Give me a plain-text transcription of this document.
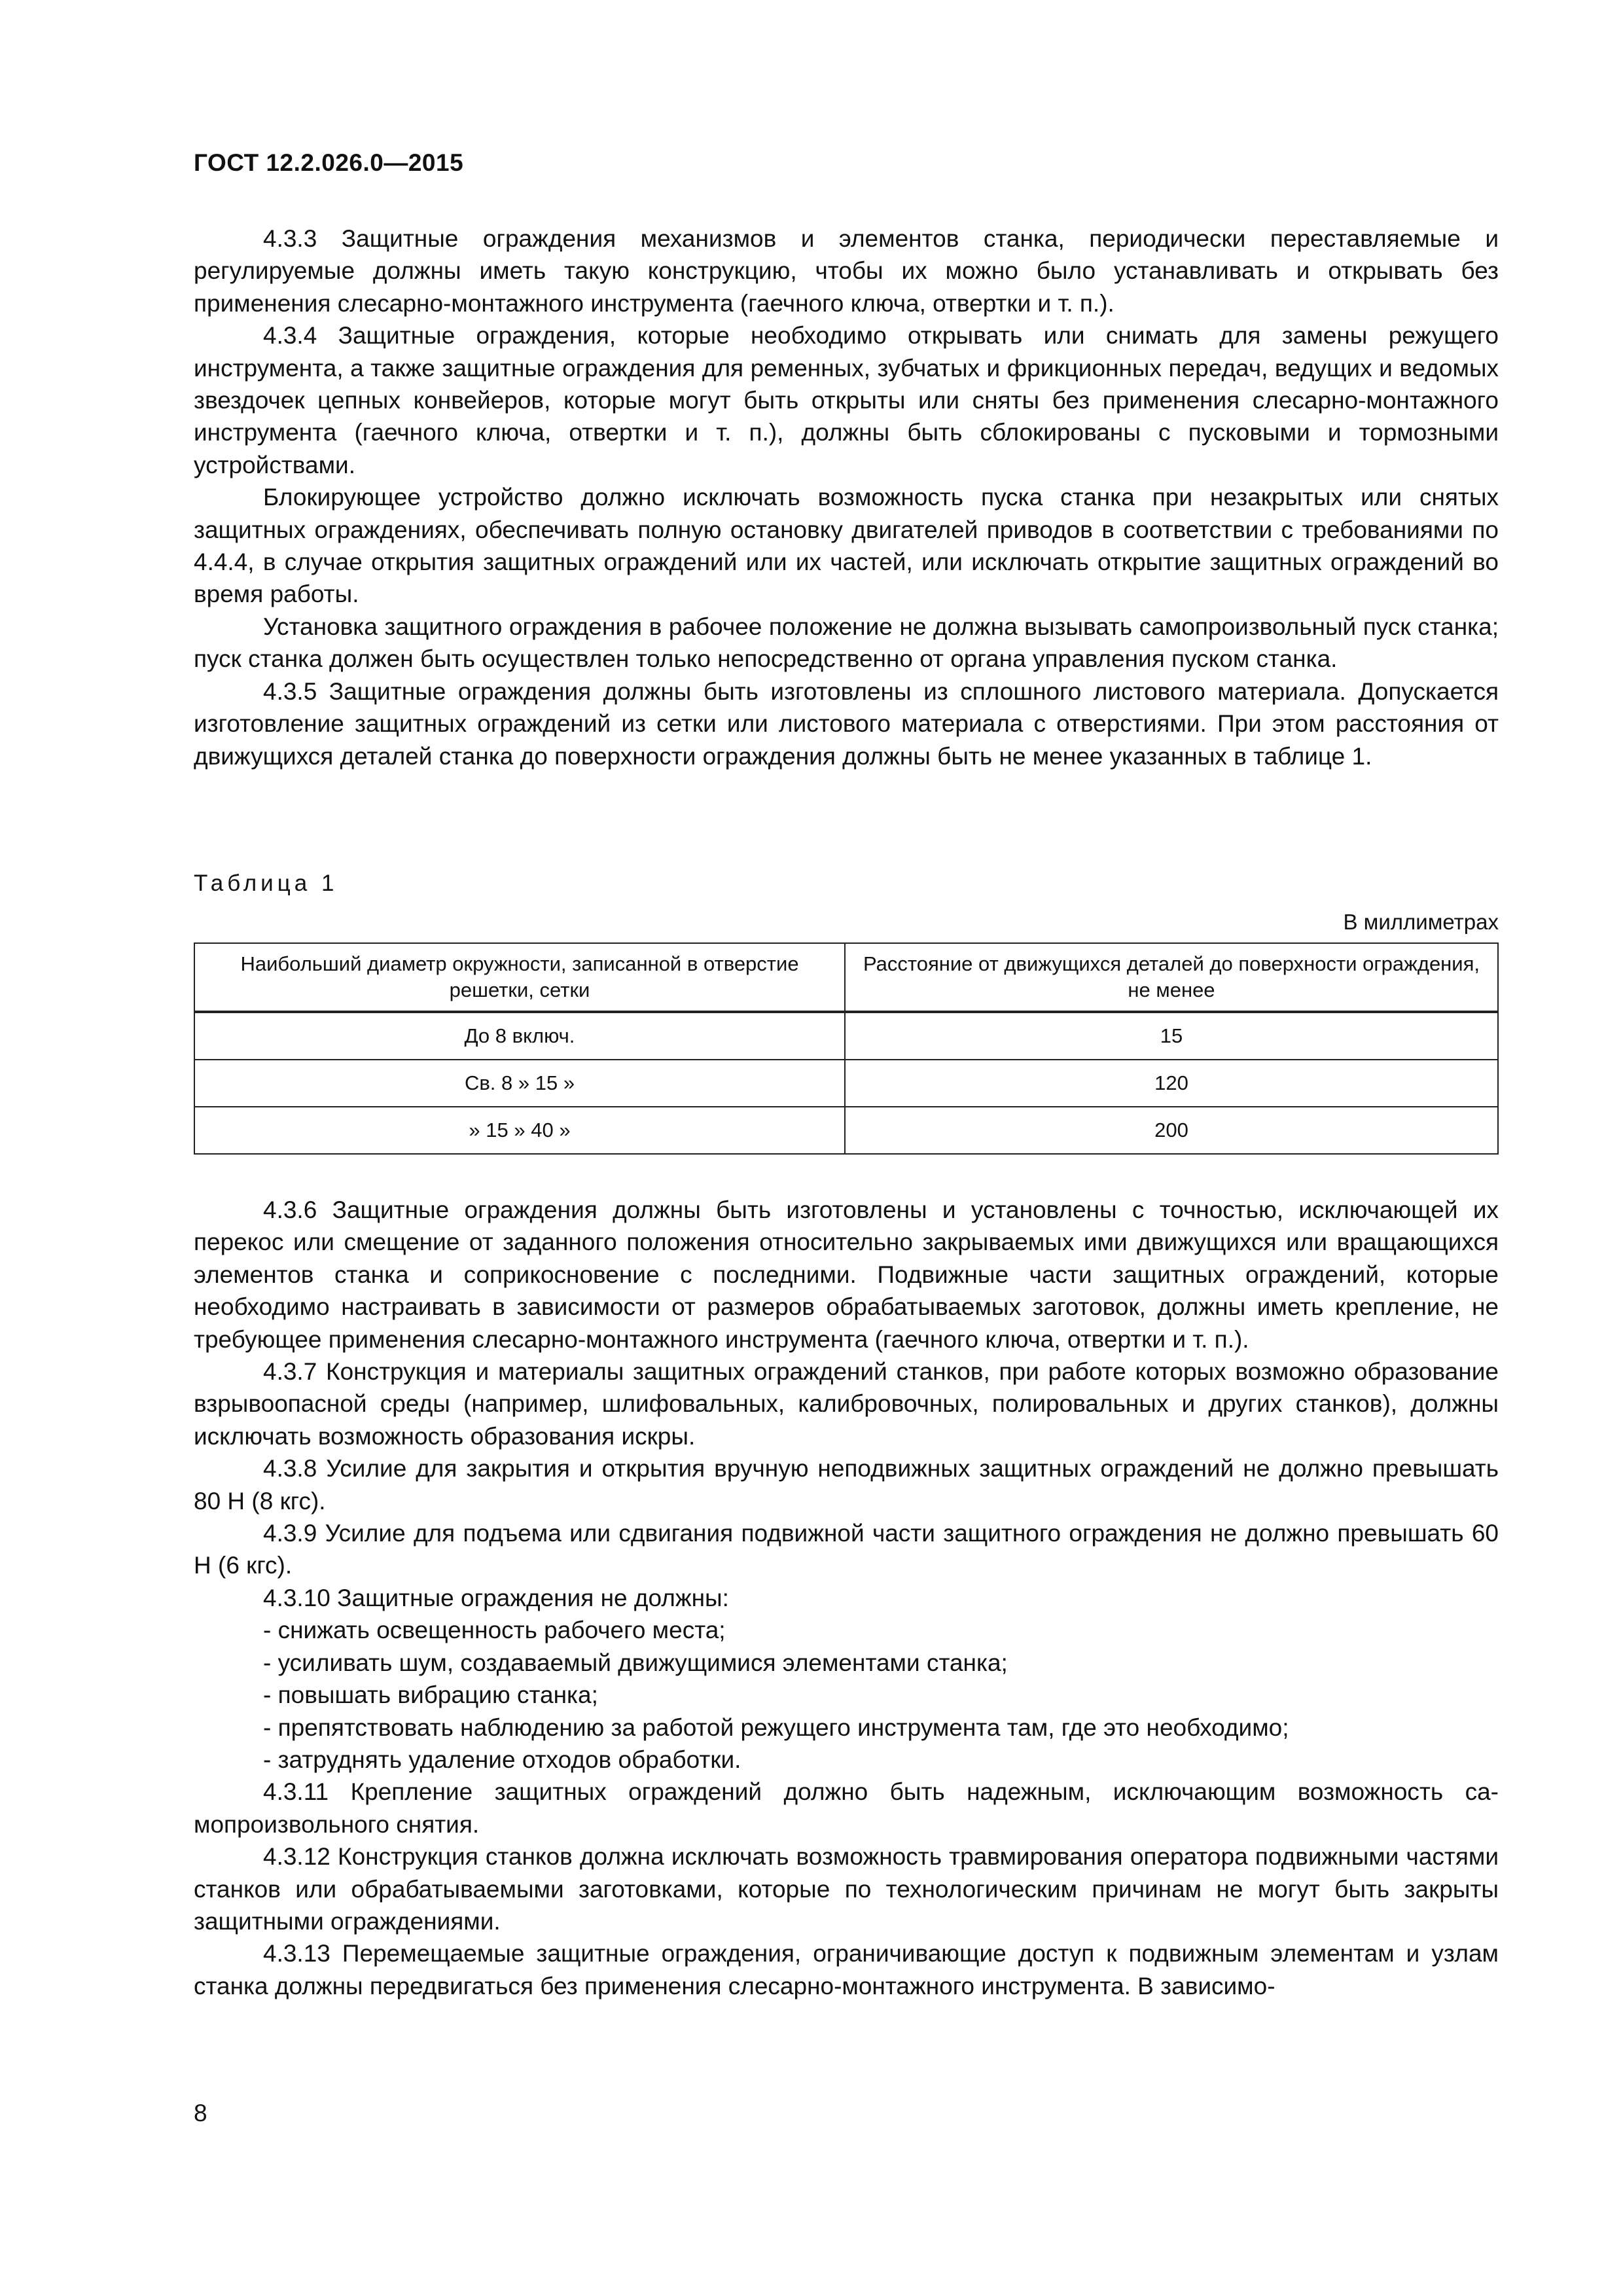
ГОСТ 12.2.026.0—2015

4.3.3 Защитные ограждения механизмов и элементов станка, периодически переставляемые и регулируемые должны иметь такую конструкцию, чтобы их можно было устанавливать и открывать без применения слесарно-монтажного инструмента (гаечного ключа, отвертки и т. п.).

4.3.4 Защитные ограждения, которые необходимо открывать или снимать для замены режущего инструмента, а также защитные ограждения для ременных, зубчатых и фрикционных передач, ведущих и ведомых звездочек цепных конвейеров, которые могут быть открыты или сняты без применения слесарно-монтажного инструмента (гаечного ключа, отвертки и т. п.), должны быть сблокированы с пусковыми и тормозными устройствами.

Блокирующее устройство должно исключать возможность пуска станка при незакрытых или снятых защитных ограждениях, обеспечивать полную остановку двигателей приводов в соответствии с требованиями по 4.4.4, в случае открытия защитных ограждений или их частей, или исключать открытие защитных ограждений во время работы.

Установка защитного ограждения в рабочее положение не должна вызывать самопроизвольный пуск станка; пуск станка должен быть осуществлен только непосредственно от органа управления пуском станка.

4.3.5 Защитные ограждения должны быть изготовлены из сплошного листового материала. Допускается изготовление защитных ограждений из сетки или листового материала с отверстиями. При этом расстояния от движущихся деталей станка до поверхности ограждения должны быть не менее указанных в таблице 1.

Таблица 1
В миллиметрах
Наибольший диаметр окружности, записанной в отверстие решетки, сетки	Расстояние от движущихся деталей до поверхности ограждения, не менее
До 8 включ.	15
Св. 8 » 15 »	120
» 15 » 40 »	200

4.3.6 Защитные ограждения должны быть изготовлены и установлены с точностью, исключающей их перекос или смещение от заданного положения относительно закрываемых ими движущихся или вращающихся элементов станка и соприкосновение с последними. Подвижные части защитных ограждений, которые необходимо настраивать в зависимости от размеров обрабатываемых заготовок, должны иметь крепление, не требующее применения слесарно-монтажного инструмента (гаечного ключа, отвертки и т. п.).

4.3.7 Конструкция и материалы защитных ограждений станков, при работе которых возможно образование взрывоопасной среды (например, шлифовальных, калибровочных, полировальных и других станков), должны исключать возможность образования искры.

4.3.8 Усилие для закрытия и открытия вручную неподвижных защитных ограждений не должно превышать 80 Н (8 кгс).

4.3.9 Усилие для подъема или сдвигания подвижной части защитного ограждения не должно превышать 60 Н (6 кгс).

4.3.10 Защитные ограждения не должны:

- снижать освещенность рабочего места;

- усиливать шум, создаваемый движущимися элементами станка;

- повышать вибрацию станка;

- препятствовать наблюдению за работой режущего инструмента там, где это необходимо;

- затруднять удаление отходов обработки.

4.3.11 Крепление защитных ограждений должно быть надежным, исключающим возможность самопроизвольного снятия.

4.3.12 Конструкция станков должна исключать возможность травмирования оператора подвижными частями станков или обрабатываемыми заготовками, которые по технологическим причинам не могут быть закрыты защитными ограждениями.

4.3.13 Перемещаемые защитные ограждения, ограничивающие доступ к подвижным элементам и узлам станка должны передвигаться без применения слесарно-монтажного инструмента. В зависимо-

8
